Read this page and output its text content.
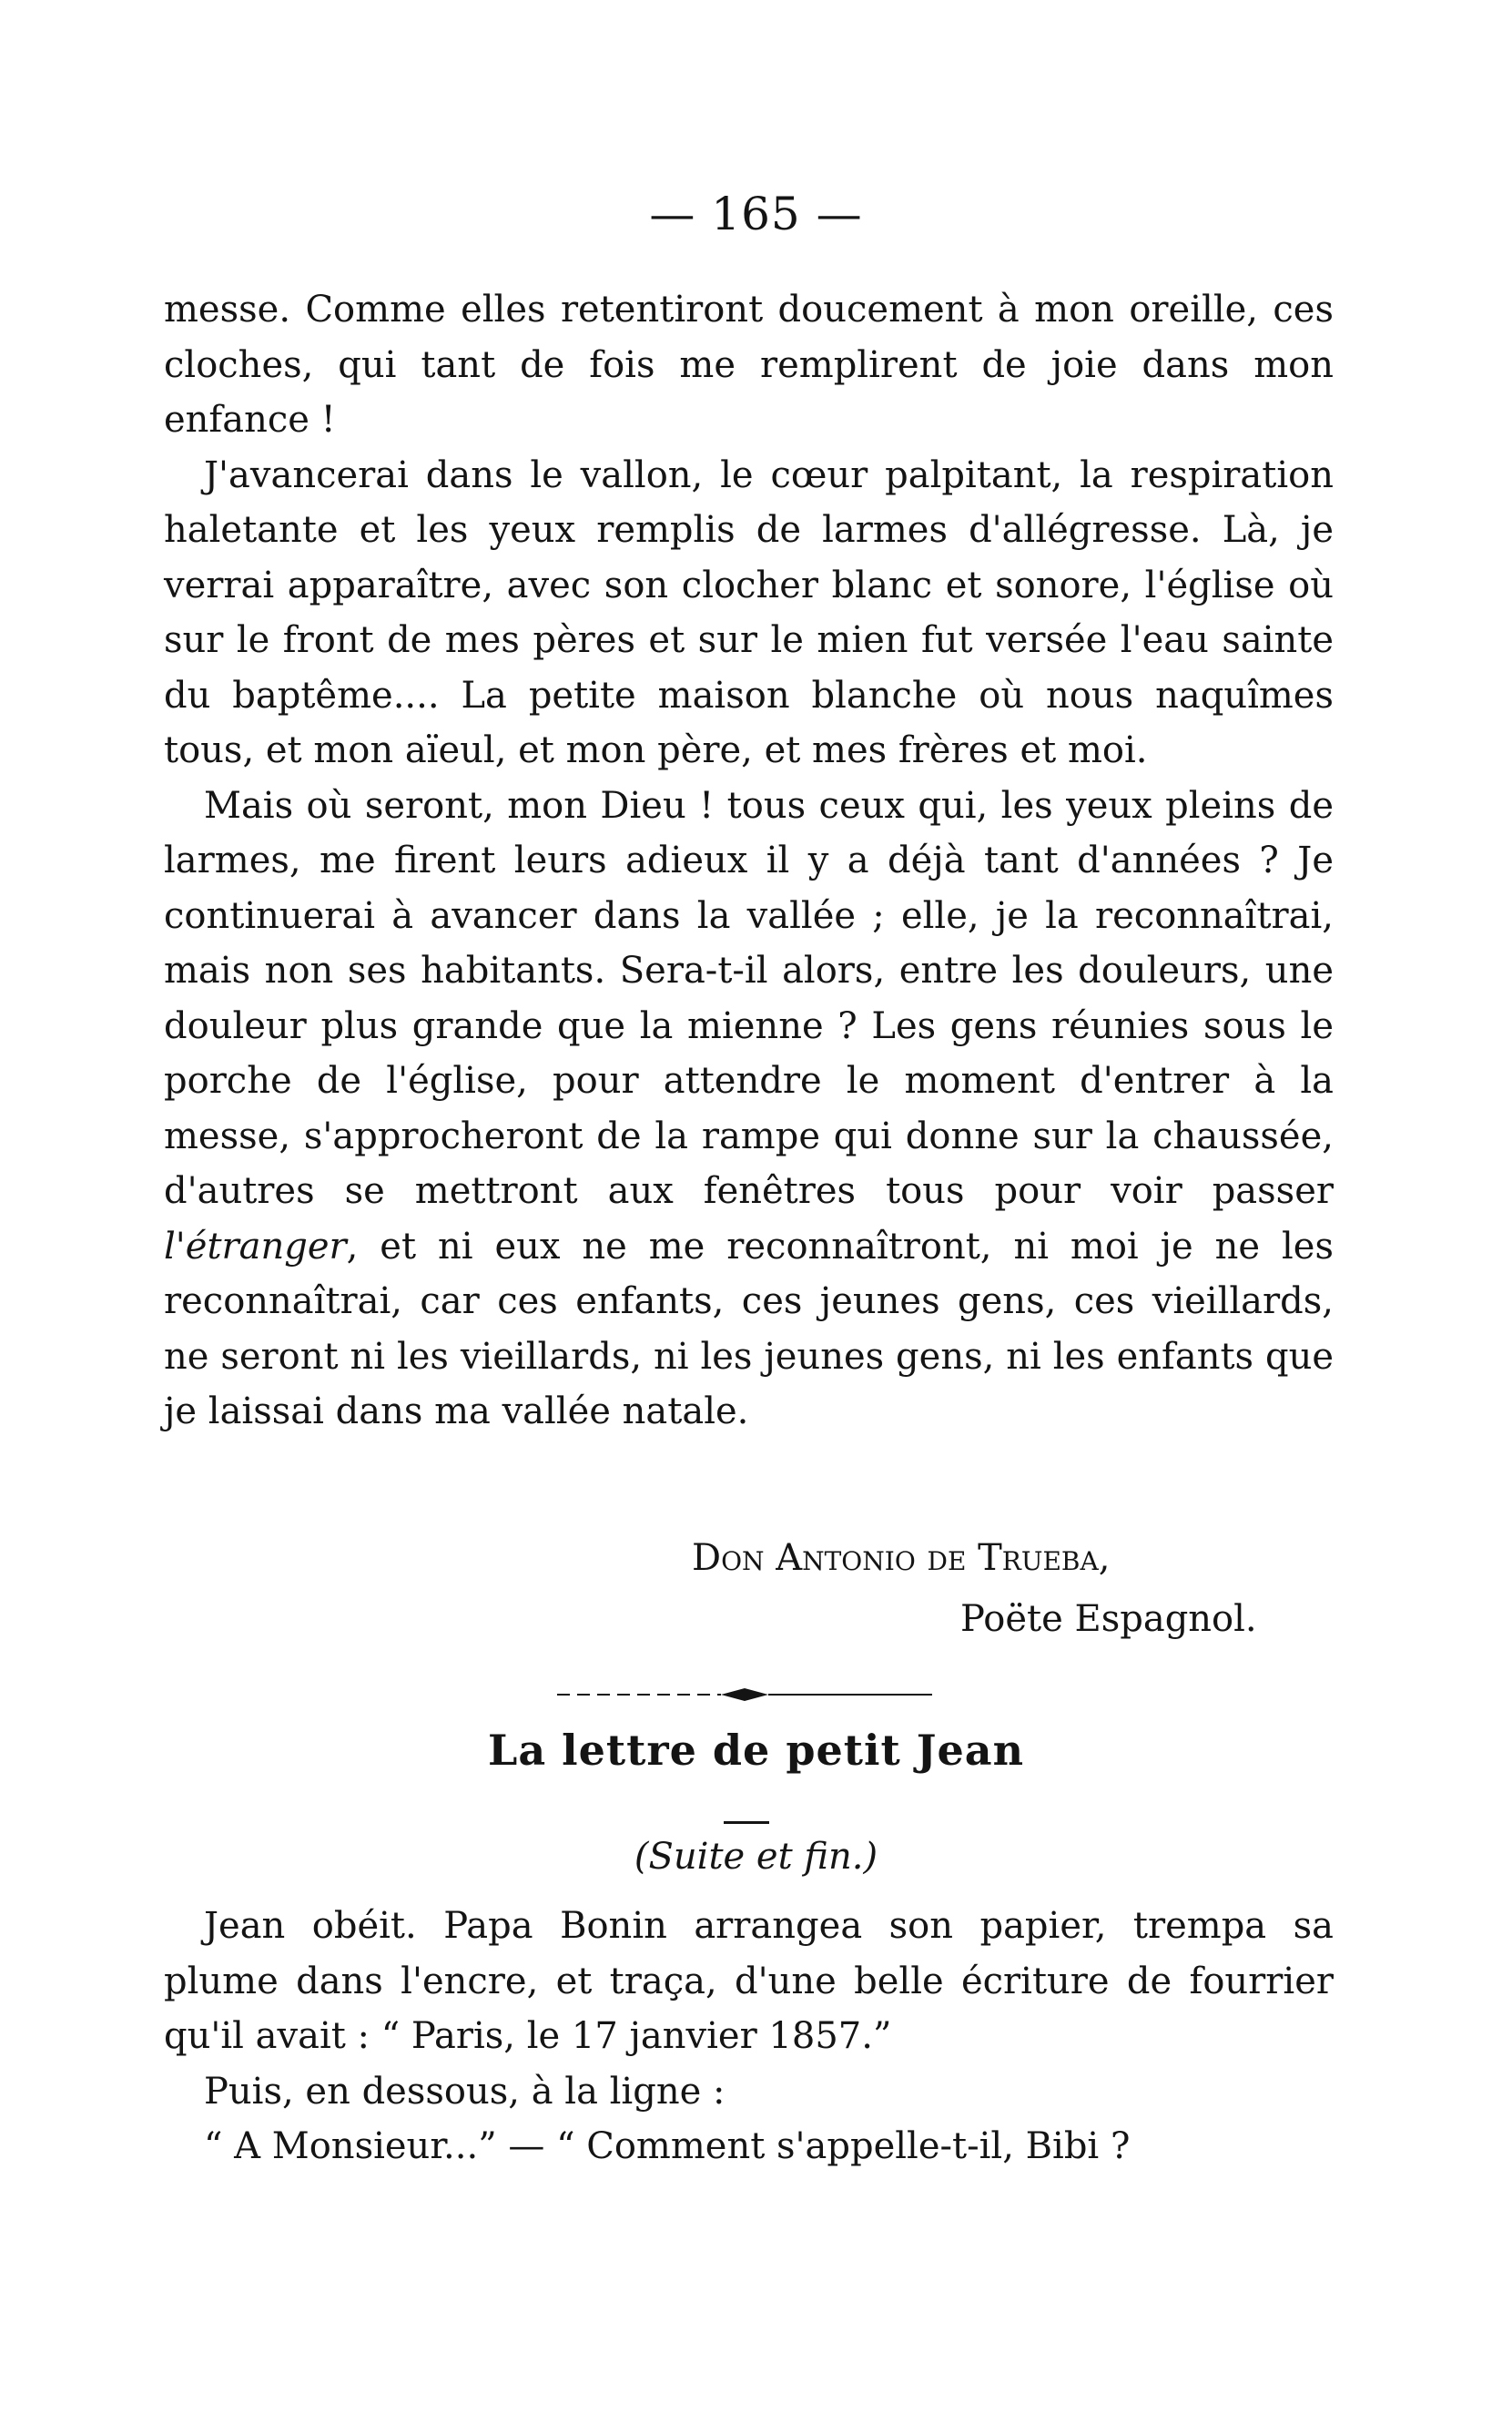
— 165 —

messe. Comme elles retentiront doucement à mon oreille, ces cloches, qui tant de fois me remplirent de joie dans mon enfance !

J'avancerai dans le vallon, le cœur palpitant, la respiration haletante et les yeux remplis de larmes d'allégresse. Là, je verrai apparaître, avec son clocher blanc et sonore, l'église où sur le front de mes pères et sur le mien fut versée l'eau sainte du baptême.... La petite maison blanche où nous naquîmes tous, et mon aïeul, et mon père, et mes frères et moi.

Mais où seront, mon Dieu ! tous ceux qui, les yeux pleins de larmes, me firent leurs adieux il y a déjà tant d'années ? Je continuerai à avancer dans la vallée ; elle, je la reconnaîtrai, mais non ses habitants. Sera-t-il alors, entre les douleurs, une douleur plus grande que la mienne ? Les gens réunies sous le porche de l'église, pour attendre le moment d'entrer à la messe, s'approcheront de la rampe qui donne sur la chaussée, d'autres se mettront aux fenêtres tous pour voir passer l'étranger, et ni eux ne me reconnaîtront, ni moi je ne les reconnaîtrai, car ces enfants, ces jeunes gens, ces vieillards, ne seront ni les vieillards, ni les jeunes gens, ni les enfants que je laissai dans ma vallée natale.

Don Antonio de Trueba,
Poëte Espagnol.
La lettre de petit Jean
(Suite et fin.)

Jean obéit. Papa Bonin arrangea son papier, trempa sa plume dans l'encre, et traça, d'une belle écriture de fourrier qu'il avait : “ Paris, le 17 janvier 1857.”

Puis, en dessous, à la ligne :

“ A Monsieur...” — “ Comment s'appelle-t-il, Bibi ?
